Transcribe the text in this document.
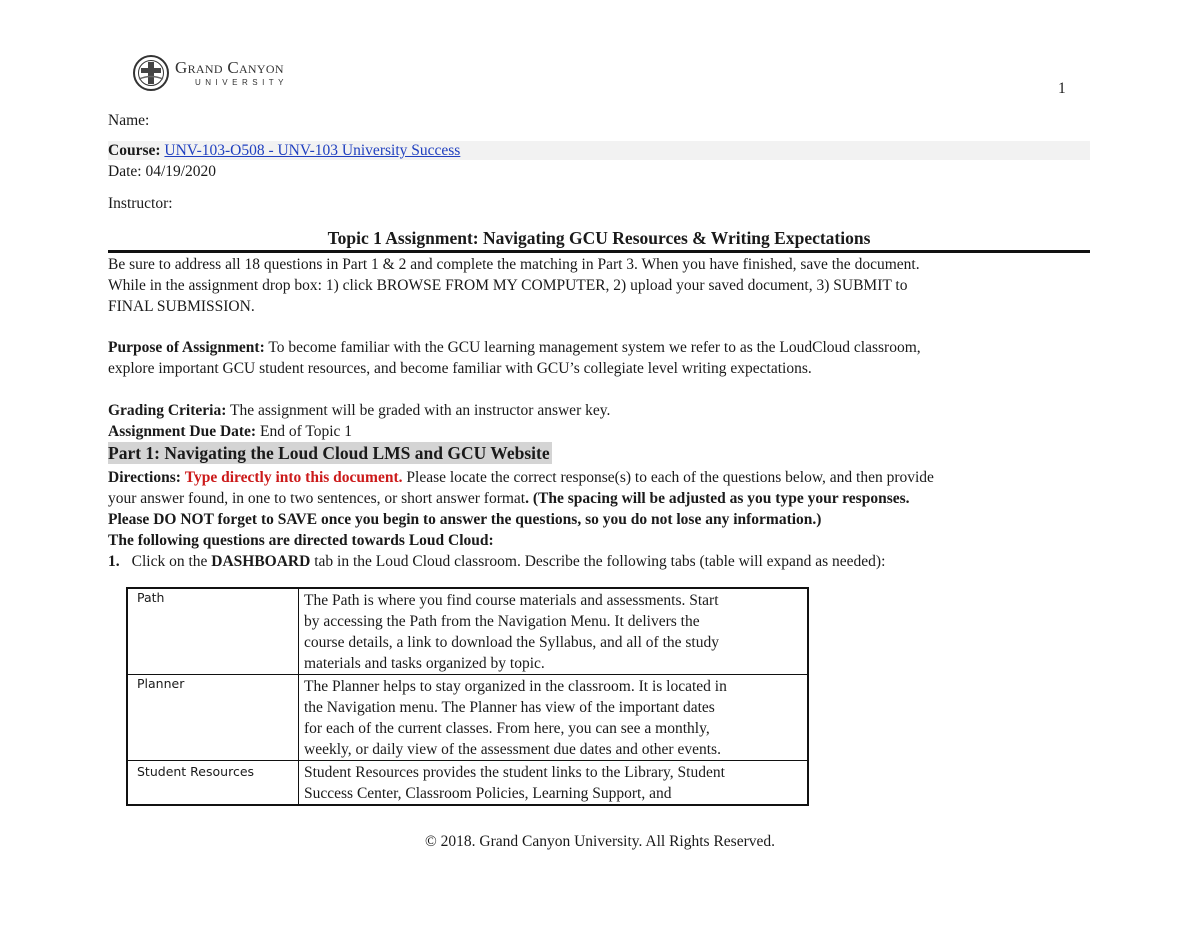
Grand Canyon
UNIVERSITY	1
Name:
Course: UNV-103-O508 - UNV-103 University Success
Date: 04/19/2020
Instructor:
Topic 1 Assignment: Navigating GCU Resources & Writing Expectations
Be sure to address all 18 questions in Part 1 & 2 and complete the matching in Part 3. When you have finished, save the document.
While in the assignment drop box: 1) click BROWSE FROM MY COMPUTER, 2) upload your saved document, 3) SUBMIT to
FINAL SUBMISSION.
Purpose of Assignment: To become familiar with the GCU learning management system we refer to as the LoudCloud classroom,
explore important GCU student resources, and become familiar with GCU’s collegiate level writing expectations.
Grading Criteria: The assignment will be graded with an instructor answer key.
Assignment Due Date: End of Topic 1
Part 1: Navigating the Loud Cloud LMS and GCU Website
Directions: Type directly into this document. Please locate the correct response(s) to each of the questions below, and then provide
your answer found, in one to two sentences, or short answer format. (The spacing will be adjusted as you type your responses.
Please DO NOT forget to SAVE once you begin to answer the questions, so you do not lose any information.)
The following questions are directed towards Loud Cloud:
1. Click on the DASHBOARD tab in the Loud Cloud classroom. Describe the following tabs (table will expand as needed):
Path	The Path is where you find course materials and assessments. Start
by accessing the Path from the Navigation Menu. It delivers the
course details, a link to download the Syllabus, and all of the study
materials and tasks organized by topic.

Planner	The Planner helps to stay organized in the classroom. It is located in
the Navigation menu. The Planner has view of the important dates
for each of the current classes. From here, you can see a monthly,
weekly, or daily view of the assessment due dates and other events.

Student Resources	Student Resources provides the student links to the Library, Student
Success Center, Classroom Policies, Learning Support, and
© 2018. Grand Canyon University. All Rights Reserved.
